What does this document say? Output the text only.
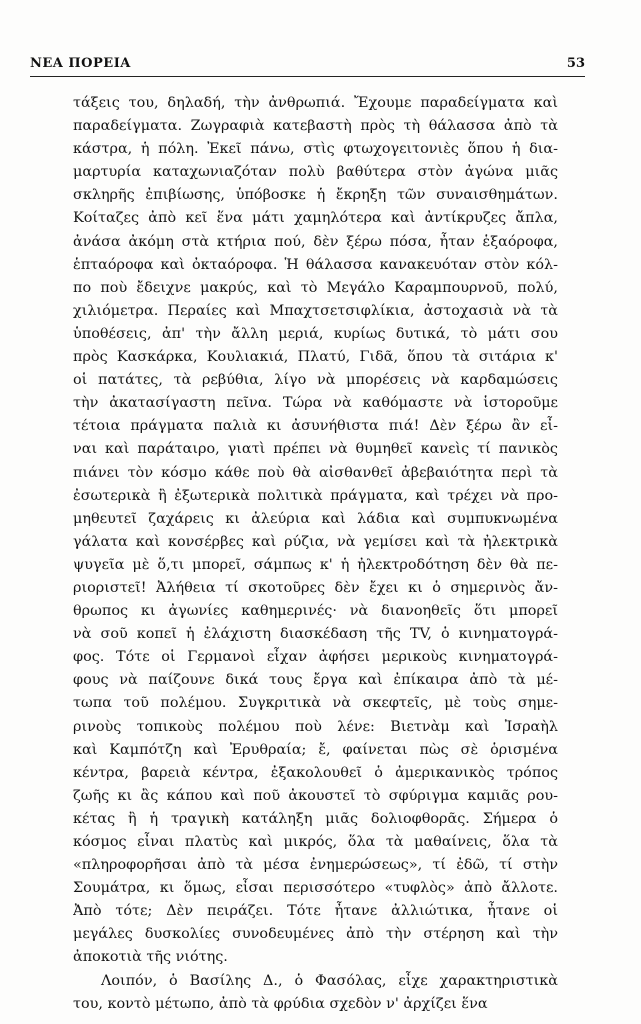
ΝΕΑ ΠΟΡΕΙΑ	53
τάξεις του, δηλαδή, τὴν ἀνθρωπιά. Ἔχουμε παραδείγματα καὶ
παραδείγματα. Ζωγραφιὰ κατεβαστὴ πρὸς τὴ θάλασσα ἀπὸ τὰ
κάστρα, ἡ πόλη. Ἐκεῖ πάνω, στὶς φτωχογειτονιὲς ὅπου ἡ δια-
μαρτυρία καταχωνιαζόταν πολὺ βαθύτερα στὸν ἀγώνα μιᾶς
σκληρῆς ἐπιβίωσης, ὑπόβοσκε ἡ ἔκρηξη τῶν συναισθημάτων.
Κοίταζες ἀπὸ κεῖ ἕνα μάτι χαμηλότερα καὶ ἀντίκρυζες ἄπλα,
ἀνάσα ἀκόμη στὰ κτήρια πού, δὲν ξέρω πόσα, ἦταν ἑξαόροφα,
ἑπταόροφα καὶ ὀκταόροφα. Ἡ θάλασσα κανακευόταν στὸν κόλ-
πο ποὺ ἔδειχνε μακρύς, καὶ τὸ Μεγάλο Καραμπουρνοῦ, πολύ,
χιλιόμετρα. Περαίες καὶ Μπαχτσετσιφλίκια, ἀστοχασιὰ νὰ τὰ
ὑποθέσεις, ἀπ' τὴν ἄλλη μεριά, κυρίως δυτικά, τὸ μάτι σου
πρὸς Κασκάρκα, Κουλιακιά, Πλατύ, Γιδᾶ, ὅπου τὰ σιτάρια κ'
οἱ πατάτες, τὰ ρεβύθια, λίγο νὰ μπορέσεις νὰ καρδαμώσεις
τὴν ἀκατασίγαστη πεῖνα. Τώρα νὰ καθόμαστε νὰ ἱστοροῦμε
τέτοια πράγματα παλιὰ κι ἀσυνήθιστα πιά! Δὲν ξέρω ἂν εἶ-
ναι καὶ παράταιρο, γιατὶ πρέπει νὰ θυμηθεῖ κανεὶς τί πανικὸς
πιάνει τὸν κόσμο κάθε ποὺ θὰ αἰσθανθεῖ ἀβεβαιότητα περὶ τὰ
ἐσωτερικὰ ἢ ἐξωτερικὰ πολιτικὰ πράγματα, καὶ τρέχει νὰ προ-
μηθευτεῖ ζαχάρεις κι ἀλεύρια καὶ λάδια καὶ συμπυκνωμένα
γάλατα καὶ κονσέρβες καὶ ρύζια, νὰ γεμίσει καὶ τὰ ἠλεκτρικὰ
ψυγεῖα μὲ ὅ,τι μπορεῖ, σάμπως κ' ἡ ἠλεκτροδότηση δὲν θὰ πε-
ριοριστεῖ! Ἀλήθεια τί σκοτοῦρες δὲν ἔχει κι ὁ σημερινὸς ἄν-
θρωπος κι ἀγωνίες καθημερινές· νὰ διανοηθεῖς ὅτι μπορεῖ
νὰ σοῦ κοπεῖ ἡ ἐλάχιστη διασκέδαση τῆς TV, ὁ κινηματογρά-
φος. Τότε οἱ Γερμανοὶ εἶχαν ἀφήσει μερικοὺς κινηματογρά-
φους νὰ παίζουνε δικά τους ἔργα καὶ ἐπίκαιρα ἀπὸ τὰ μέ-
τωπα τοῦ πολέμου. Συγκριτικὰ νὰ σκεφτεῖς, μὲ τοὺς σημε-
ρινοὺς τοπικοὺς πολέμου ποὺ λένε: Βιετνὰμ καὶ Ἰσραὴλ
καὶ Καμπότζη καὶ Ἐρυθραία; ἔ, φαίνεται πὼς σὲ ὁρισμένα
κέντρα, βαρειὰ κέντρα, ἐξακολουθεῖ ὁ ἀμερικανικὸς τρόπος
ζωῆς κι ἂς κάπου καὶ ποῦ ἀκουστεῖ τὸ σφύριγμα καμιᾶς ρου-
κέτας ἢ ἡ τραγικὴ κατάληξη μιᾶς δολιοφθορᾶς. Σήμερα ὁ
κόσμος εἶναι πλατὺς καὶ μικρός, ὅλα τὰ μαθαίνεις, ὅλα τὰ
«πληροφορῆσαι ἀπὸ τὰ μέσα ἐνημερώσεως», τί ἐδῶ, τί στὴν
Σουμάτρα, κι ὅμως, εἶσαι περισσότερο «τυφλὸς» ἀπὸ ἄλλοτε.
Ἀπὸ τότε; Δὲν πειράζει. Τότε ἦτανε ἀλλιώτικα, ἦτανε οἱ
μεγάλες δυσκολίες συνοδευμένες ἀπὸ τὴν στέρηση καὶ τὴν
ἀποκοτιὰ τῆς νιότης.
Λοιπόν, ὁ Βασίλης Δ., ὁ Φασόλας, εἶχε χαρακτηριστικὰ
του, κοντὸ μέτωπο, ἀπὸ τὰ φρύδια σχεδὸν ν' ἀρχίζει ἕνα
